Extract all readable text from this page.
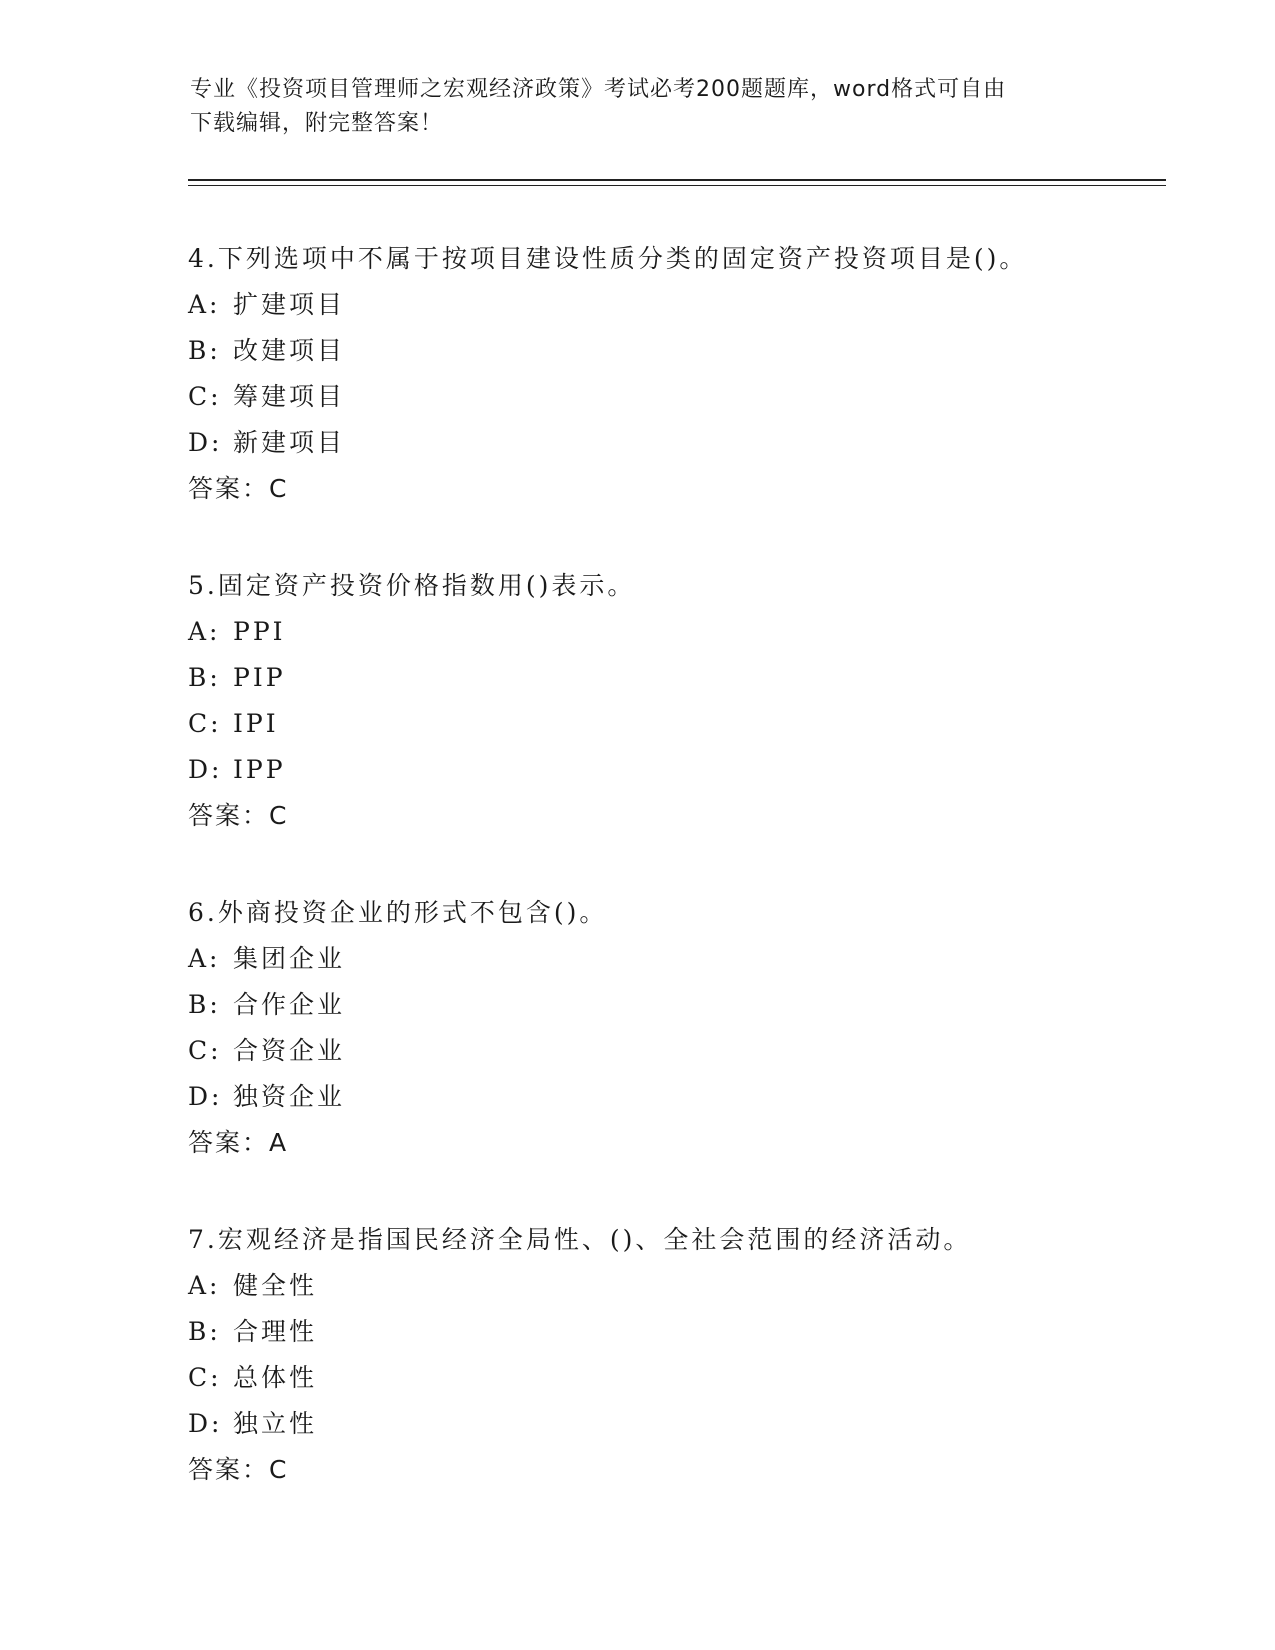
专业《投资项目管理师之宏观经济政策》考试必考200题题库，word格式可自由
下载编辑，附完整答案！
4.下列选项中不属于按项目建设性质分类的固定资产投资项目是()。
A: 扩建项目
B: 改建项目
C: 筹建项目
D: 新建项目
答案：C
5.固定资产投资价格指数用()表示。
A: PPI
B: PIP
C: IPI
D: IPP
答案：C
6.外商投资企业的形式不包含()。
A: 集团企业
B: 合作企业
C: 合资企业
D: 独资企业
答案：A
7.宏观经济是指国民经济全局性、()、全社会范围的经济活动。
A: 健全性
B: 合理性
C: 总体性
D: 独立性
答案：C
